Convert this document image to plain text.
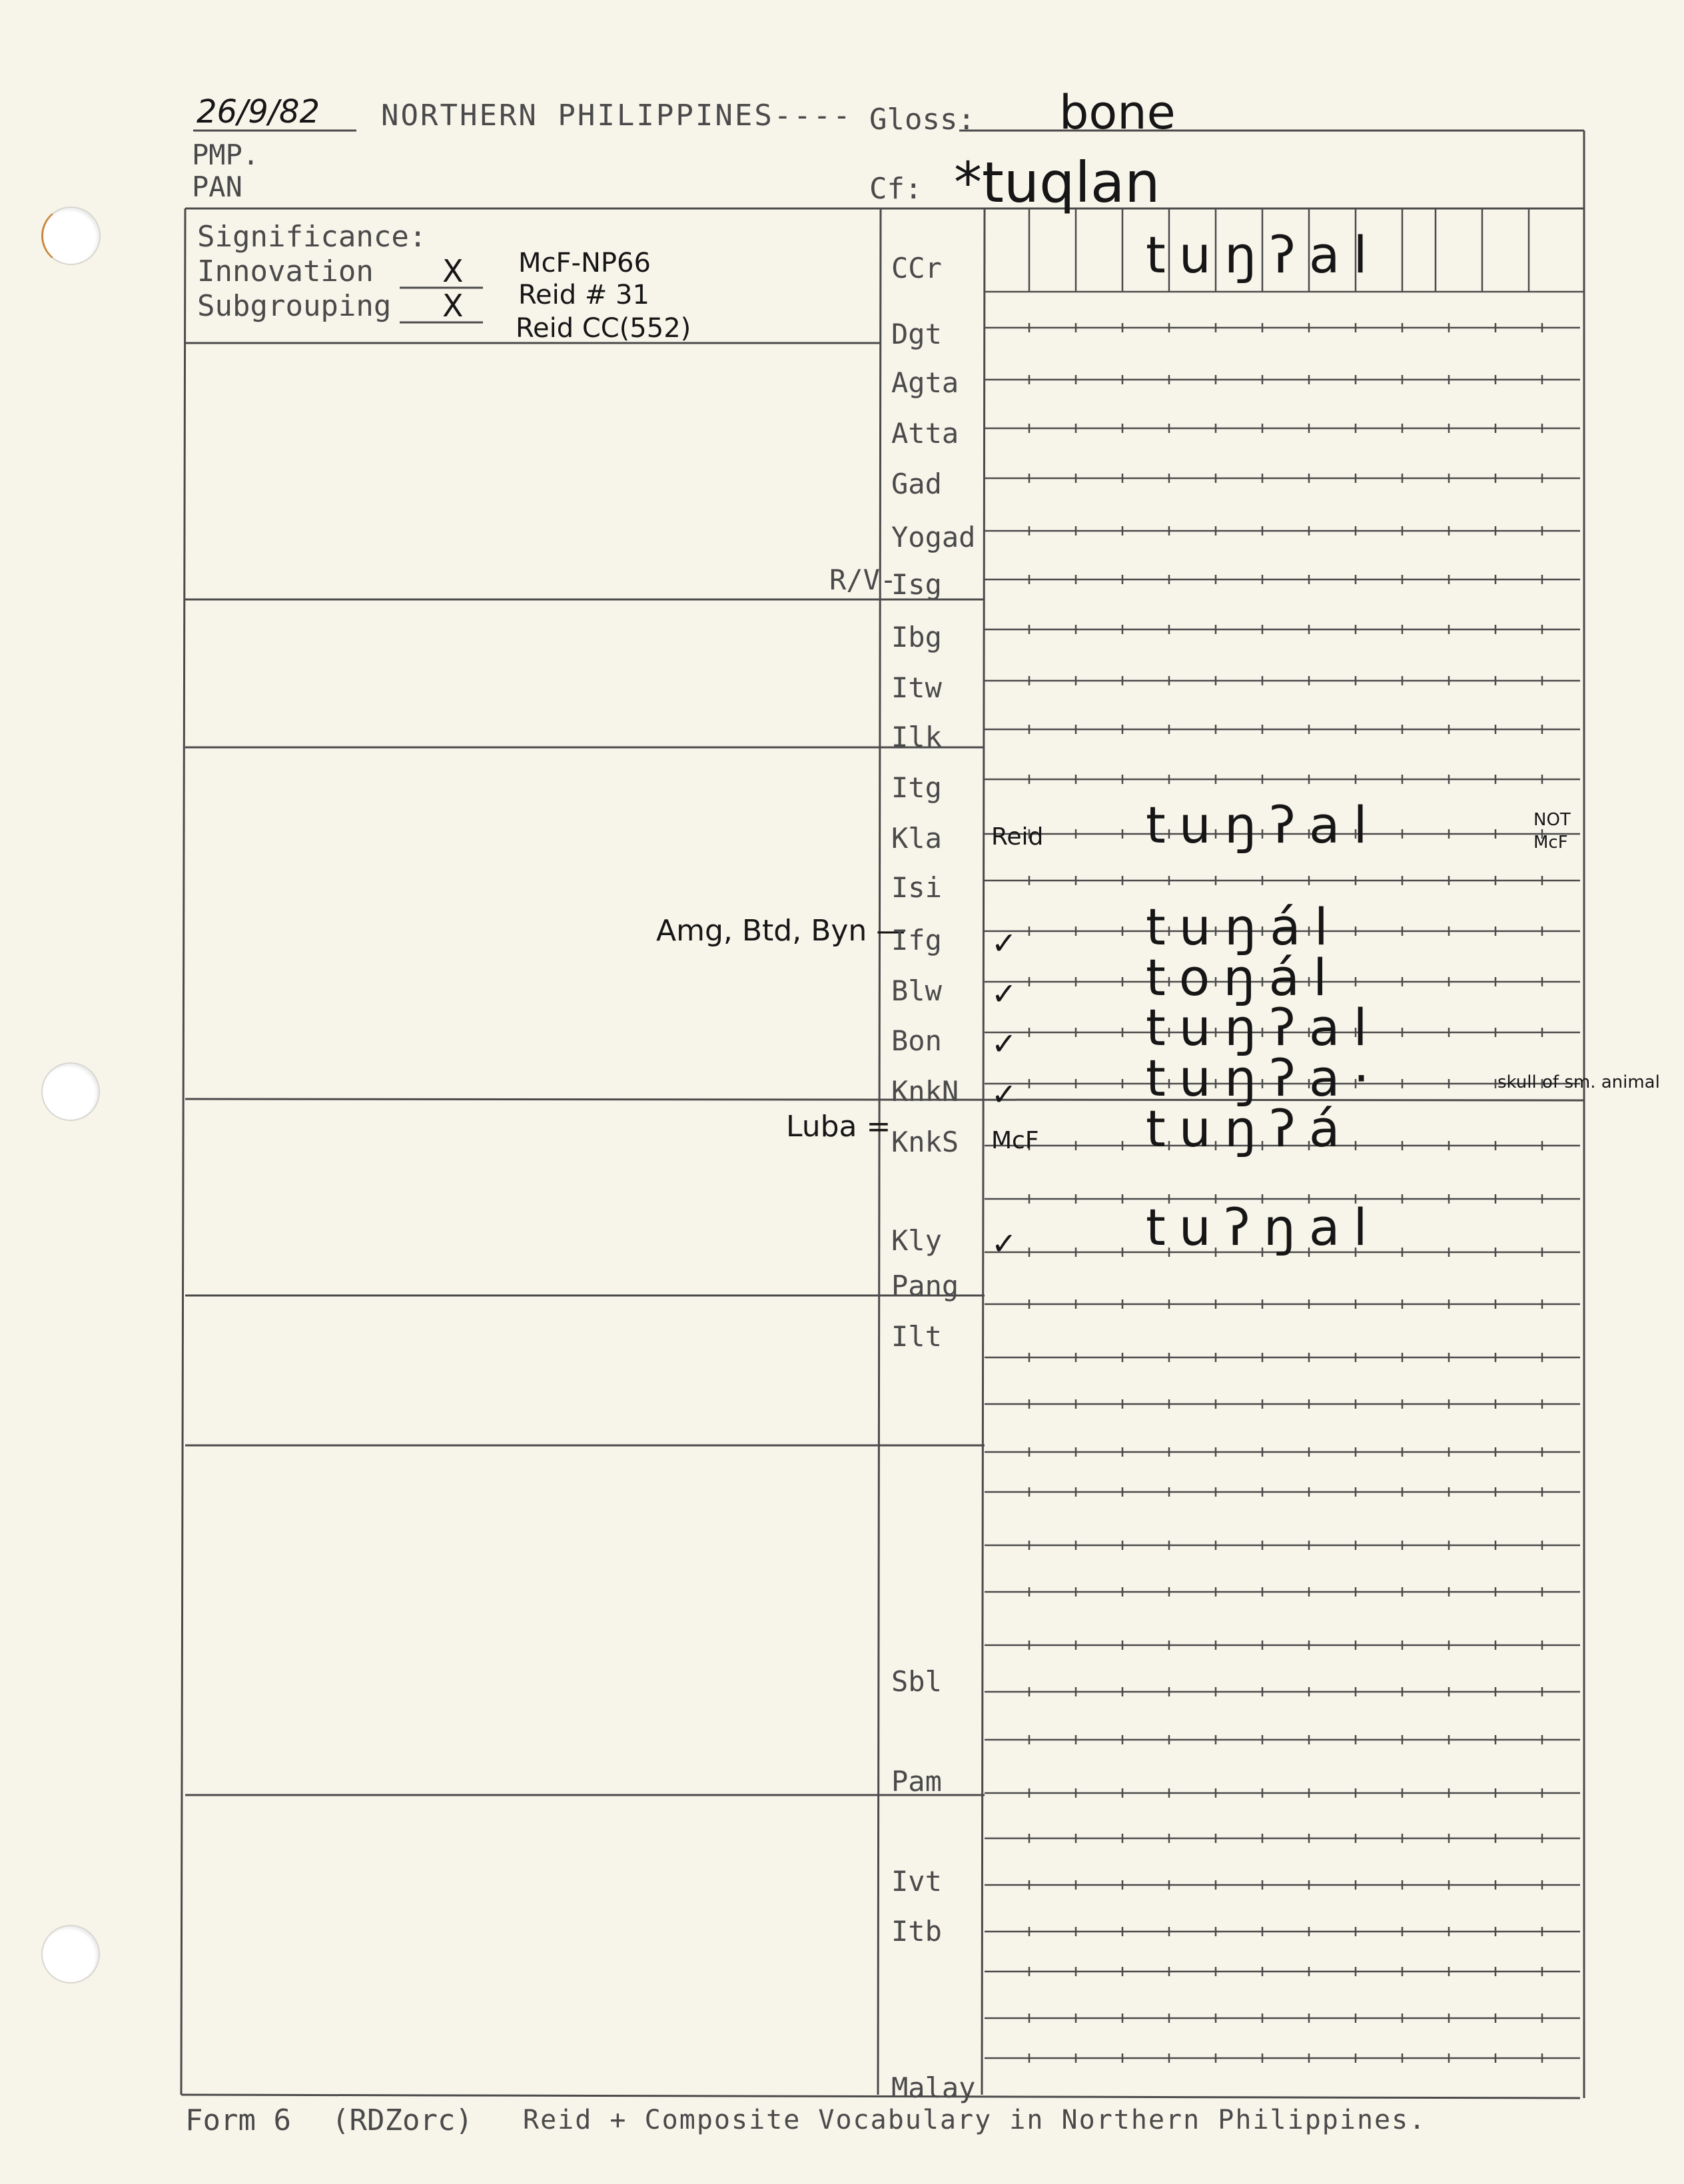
26/9/82 NORTHERN PHILIPPINES---- Gloss: bone
PMP.
PAN	Cf: *tuqlan
Significance:
Innovation X
Subgrouping X
McF-NP66
Reid # 31
Reid CC(552)
R/V-
Amg, Btd, Byn —
Luba =
CCr	tuŋʔal
Dgt
Agta
Atta
Gad
Yogad
Isg
Ibg
Itw
Ilk
Itg
Kla Reid tuŋʔal	NOT McF
Isi
Ifg ✓	tuŋál
Blw ✓	toŋál
Bon ✓	tuŋʔal
KnkN ✓	tuŋʔa·	skull of sm. animal
KnkS McF tuŋʔá
Kly ✓	tuʔŋal
Pang
Ilt
Sbl
Pam
Ivt
Itb
Malay
Form 6 (RDZorc) Reid + Composite Vocabulary in Northern Philippines.
